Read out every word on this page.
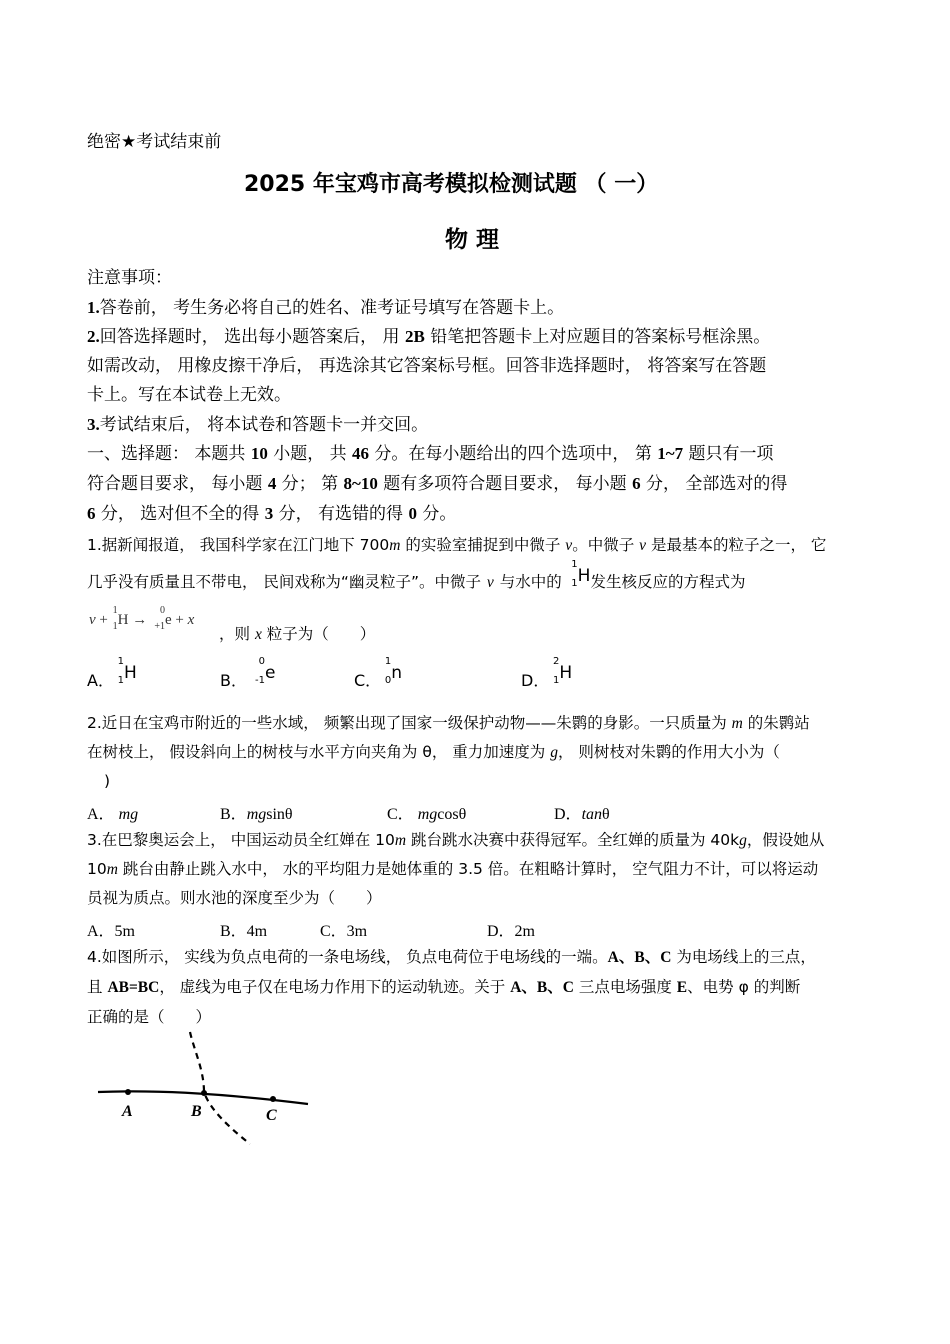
绝密★考试结束前
2025 年宝鸡市高考模拟检测试题 （ 一）
物 理
注意事项：
1.答卷前， 考生务必将自己的姓名、准考证号填写在答题卡上。
2.回答选择题时， 选出每小题答案后， 用 2B 铅笔把答题卡上对应题目的答案标号框涂黑。
如需改动， 用橡皮擦干净后， 再选涂其它答案标号框。回答非选择题时， 将答案写在答题
卡上。写在本试卷上无效。
3.考试结束后， 将本试卷和答题卡一并交回。
一、选择题： 本题共 10 小题， 共 46 分。在每小题给出的四个选项中， 第 1~7 题只有一项
符合题目要求， 每小题 4 分； 第 8~10 题有多项符合题目要求， 每小题 6 分， 全部选对的得
6 分， 选对但不全的得 3 分， 有选错的得 0 分。
1.据新闻报道， 我国科学家在江门地下 700m 的实验室捕捉到中微子 v。中微子 v 是最基本的粒子之一， 它
几乎没有质量且不带电， 民间戏称为“幽灵粒子”。中微子 v 与水中的
1
1 H发生核反应的方程式为
v +
1
1 H →
0
+1 e + x
，则 x 粒子为（　　）
A．
1
1 H	B．
0
-1 e	C．
1
0 n	D．
2
1 H
2.近日在宝鸡市附近的一些水域， 频繁出现了国家一级保护动物——朱鹮的身影。一只质量为 m 的朱鹮站
在树枝上， 假设斜向上的树枝与水平方向夹角为 θ， 重力加速度为 g， 则树枝对朱鹮的作用大小为（
)
A． mg	B．mgsinθ	C． mgcosθ	D．tanθ
3.在巴黎奥运会上， 中国运动员全红婵在 10m 跳台跳水决赛中获得冠军。全红婵的质量为 40kg，假设她从
10m 跳台由静止跳入水中， 水的平均阻力是她体重的 3.5 倍。在粗略计算时， 空气阻力不计，可以将运动
员视为质点。则水池的深度至少为（　　）
A．5m	B．4m	C．3m	D．2m
4.如图所示， 实线为负点电荷的一条电场线， 负点电荷位于电场线的一端。A、B、C 为电场线上的三点，
且 AB=BC， 虚线为电子仅在电场力作用下的运动轨迹。关于 A、B、C 三点电场强度 E、电势 φ 的判断
正确的是（　　）
A	B	C
